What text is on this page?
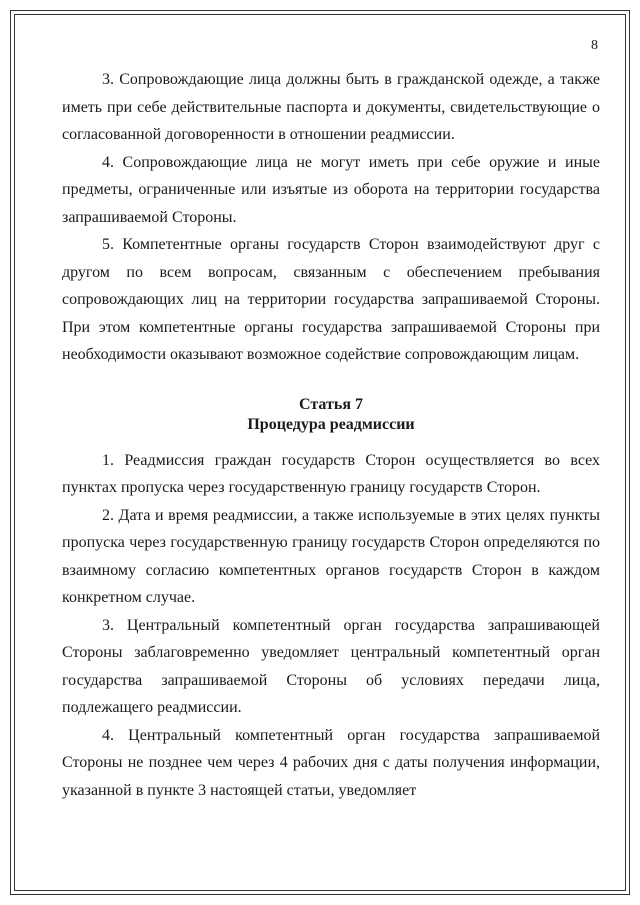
8

3. Сопровождающие лица должны быть в гражданской одежде, а также иметь при себе действительные паспорта и документы, свидетельствующие о согласованной договоренности в отношении реадмиссии.

4. Сопровождающие лица не могут иметь при себе оружие и иные предметы, ограниченные или изъятые из оборота на территории государства запрашиваемой Стороны.

5. Компетентные органы государств Сторон взаимодействуют друг с другом по всем вопросам, связанным с обеспечением пребывания сопровождающих лиц на территории государства запрашиваемой Стороны. При этом компетентные органы государства запрашиваемой Стороны при необходимости оказывают возможное содействие сопровождающим лицам.

Статья 7

Процедура реадмиссии

1. Реадмиссия граждан государств Сторон осуществляется во всех пунктах пропуска через государственную границу государств Сторон.

2. Дата и время реадмиссии, а также используемые в этих целях пункты пропуска через государственную границу государств Сторон определяются по взаимному согласию компетентных органов государств Сторон в каждом конкретном случае.

3. Центральный компетентный орган государства запрашивающей Стороны заблаговременно уведомляет центральный компетентный орган государства запрашиваемой Стороны об условиях передачи лица, подлежащего реадмиссии.

4. Центральный компетентный орган государства запрашиваемой Стороны не позднее чем через 4 рабочих дня с даты получения информации, указанной в пункте 3 настоящей статьи, уведомляет
